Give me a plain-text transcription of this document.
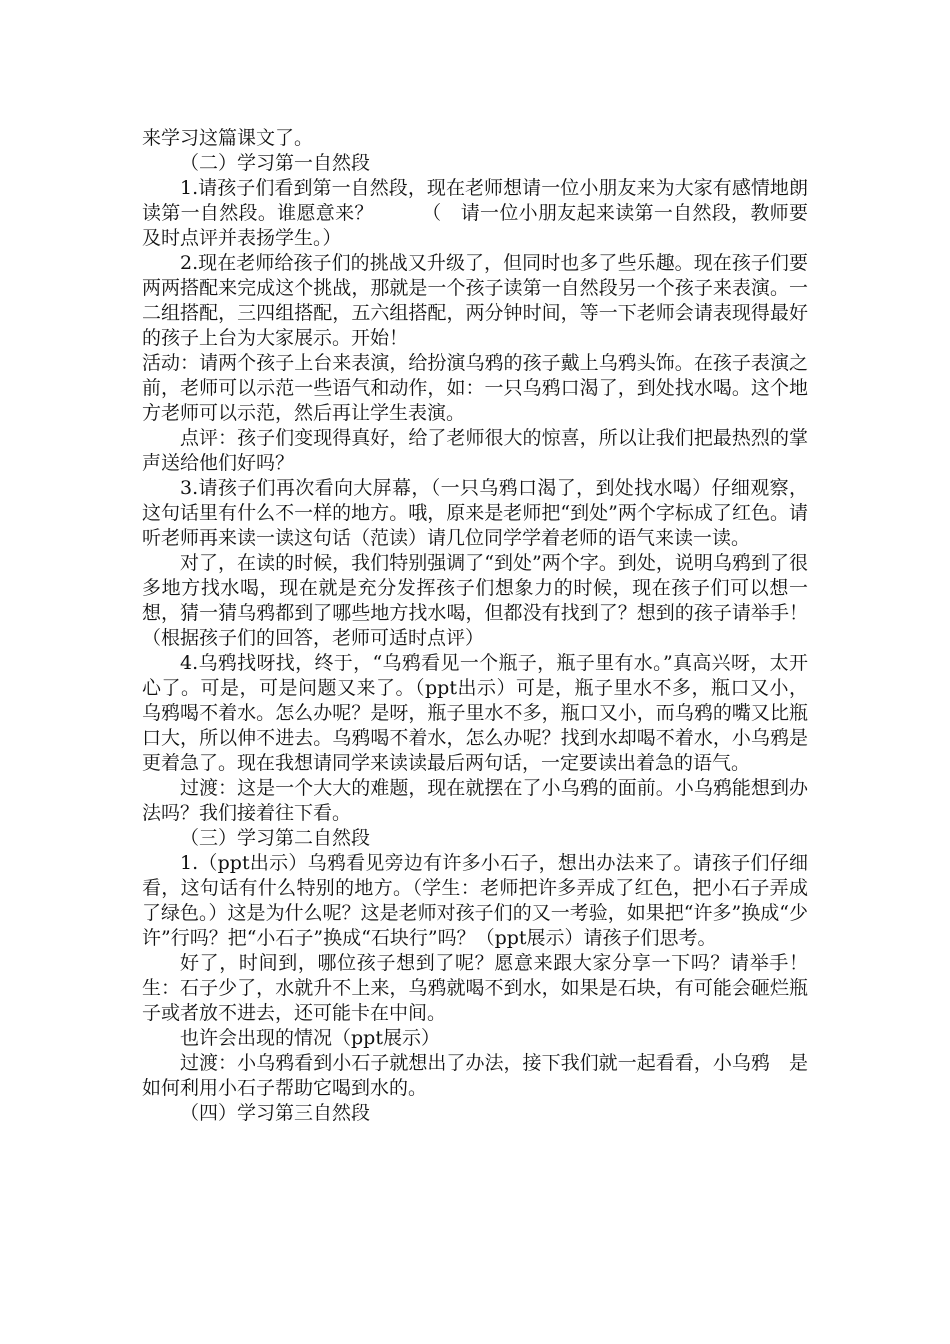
来学习这篇课文了。

（二）学习第一自然段

1.请孩子们看到第一自然段，现在老师想请一位小朋友来为大家有感情地朗读第一自然段。谁愿意来？　　　（　请一位小朋友起来读第一自然段，教师要及时点评并表扬学生。）

2.现在老师给孩子们的挑战又升级了，但同时也多了些乐趣。现在孩子们要两两搭配来完成这个挑战，那就是一个孩子读第一自然段另一个孩子来表演。一二组搭配，三四组搭配，五六组搭配，两分钟时间，等一下老师会请表现得最好的孩子上台为大家展示。开始！

活动：请两个孩子上台来表演，给扮演乌鸦的孩子戴上乌鸦头饰。在孩子表演之前，老师可以示范一些语气和动作，如：一只乌鸦口渴了，到处找水喝。这个地方老师可以示范，然后再让学生表演。

点评：孩子们变现得真好，给了老师很大的惊喜，所以让我们把最热烈的掌声送给他们好吗？

3.请孩子们再次看向大屏幕，（一只乌鸦口渴了，到处找水喝）仔细观察，这句话里有什么不一样的地方。哦，原来是老师把“到处”两个字标成了红色。请听老师再来读一读这句话（范读）请几位同学学着老师的语气来读一读。

对了，在读的时候，我们特别强调了“到处”两个字。到处，说明乌鸦到了很多地方找水喝，现在就是充分发挥孩子们想象力的时候，现在孩子们可以想一想，猜一猜乌鸦都到了哪些地方找水喝，但都没有找到了？想到的孩子请举手！（根据孩子们的回答，老师可适时点评）

4.乌鸦找呀找，终于，“乌鸦看见一个瓶子，瓶子里有水。”真高兴呀，太开心了。可是，可是问题又来了。（ppt出示）可是，瓶子里水不多，瓶口又小，乌鸦喝不着水。怎么办呢？是呀，瓶子里水不多，瓶口又小，而乌鸦的嘴又比瓶口大，所以伸不进去。乌鸦喝不着水，怎么办呢？找到水却喝不着水，小乌鸦是更着急了。现在我想请同学来读读最后两句话，一定要读出着急的语气。

过渡：这是一个大大的难题，现在就摆在了小乌鸦的面前。小乌鸦能想到办法吗？我们接着往下看。

（三）学习第二自然段

1.（ppt出示）乌鸦看见旁边有许多小石子，想出办法来了。请孩子们仔细看，这句话有什么特别的地方。（学生：老师把许多弄成了红色，把小石子弄成了绿色。）这是为什么呢？这是老师对孩子们的又一考验，如果把“许多”换成“少许”行吗？把“小石子”换成“石块行”吗？（ppt展示）请孩子们思考。

好了，时间到，哪位孩子想到了呢？愿意来跟大家分享一下吗？请举手！　生：石子少了，水就升不上来，乌鸦就喝不到水，如果是石块，有可能会砸烂瓶子或者放不进去，还可能卡在中间。

也许会出现的情况（ppt展示）

过渡：小乌鸦看到小石子就想出了办法，接下我们就一起看看，小乌鸦　是如何利用小石子帮助它喝到水的。

（四）学习第三自然段
